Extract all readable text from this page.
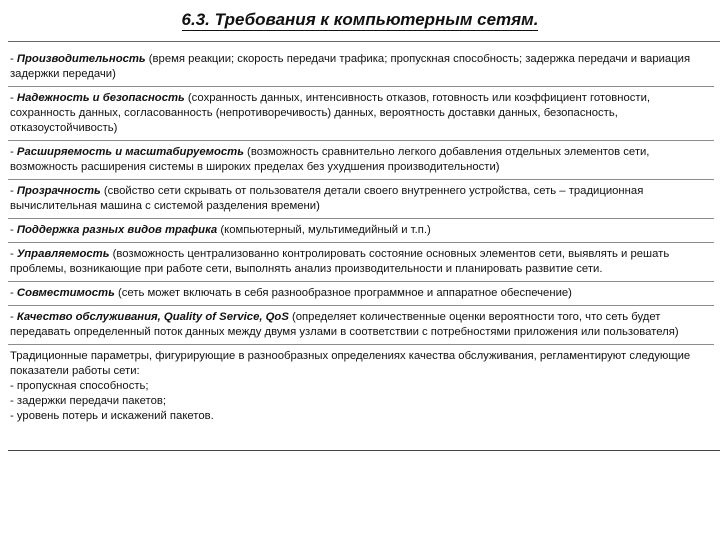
6.3. Требования к компьютерным сетям.
- Производительность (время реакции; скорость передачи трафика; пропускная способность; задержка передачи и вариация задержки передачи)
- Надежность и безопасность (сохранность данных, интенсивность отказов, готовность или коэффициент готовности, сохранность данных, согласованность (непротиворечивость) данных, вероятность доставки данных, безопасность, отказоустойчивость)
- Расширяемость и масштабируемость (возможность сравнительно легкого добавления отдельных элементов сети, возможность расширения системы в широких пределах без ухудшения производительности)
- Прозрачность (свойство сети скрывать от пользователя детали своего внутреннего устройства, сеть – традиционная вычислительная машина с системой разделения времени)
- Поддержка разных видов трафика (компьютерный, мультимедийный и т.п.)
- Управляемость (возможность централизованно контролировать состояние основных элементов сети, выявлять и решать проблемы, возникающие при работе сети, выполнять анализ производительности и планировать развитие сети.
- Совместимость (сеть может включать в себя разнообразное программное и аппаратное обеспечение)
- Качество обслуживания, Quality of Service, QoS (определяет количественные оценки вероятности того, что сеть будет передавать определенный поток данных между двумя узлами в соответствии с потребностями приложения или пользователя)
Традиционные параметры, фигурирующие в разнообразных определениях качества обслуживания, регламентируют следующие показатели работы сети:
- пропускная способность;
- задержки передачи пакетов;
- уровень потерь и искажений пакетов.
